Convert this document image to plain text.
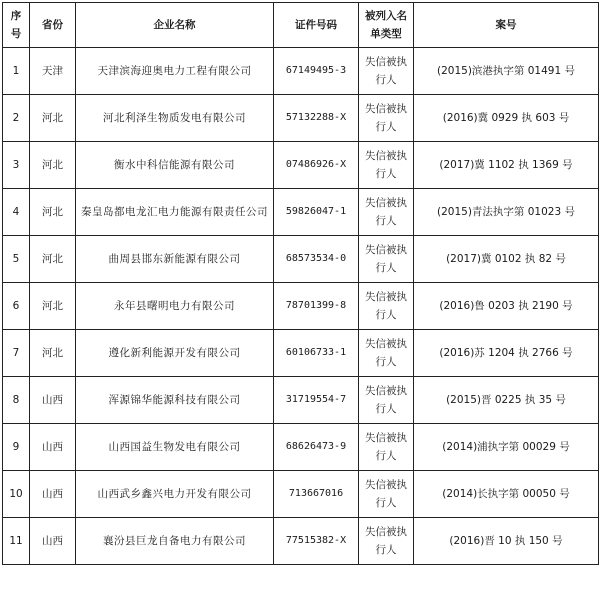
序号	省份	企业名称	证件号码	被列入名单类型	案号
1	天津	天津滨海迎奥电力工程有限公司	67149495-3	失信被执行人	(2015)滨港执字第 01491 号
2	河北	河北利泽生物质发电有限公司	57132288-X	失信被执行人	(2016)冀 0929 执 603 号
3	河北	衡水中科信能源有限公司	07486926-X	失信被执行人	(2017)冀 1102 执 1369 号
4	河北	秦皇岛都电龙汇电力能源有限责任公司	59826047-1	失信被执行人	(2015)青法执字第 01023 号
5	河北	曲周县邯东新能源有限公司	68573534-0	失信被执行人	(2017)冀 0102 执 82 号
6	河北	永年县曙明电力有限公司	78701399-8	失信被执行人	(2016)鲁 0203 执 2190 号
7	河北	遵化新利能源开发有限公司	60106733-1	失信被执行人	(2016)苏 1204 执 2766 号
8	山西	浑源锦华能源科技有限公司	31719554-7	失信被执行人	(2015)晋 0225 执 35 号
9	山西	山西国益生物发电有限公司	68626473-9	失信被执行人	(2014)浦执字第 00029 号
10	山西	山西武乡鑫兴电力开发有限公司	713667016	失信被执行人	(2014)长执字第 00050 号
11	山西	襄汾县巨龙自备电力有限公司	77515382-X	失信被执行人	(2016)晋 10 执 150 号
